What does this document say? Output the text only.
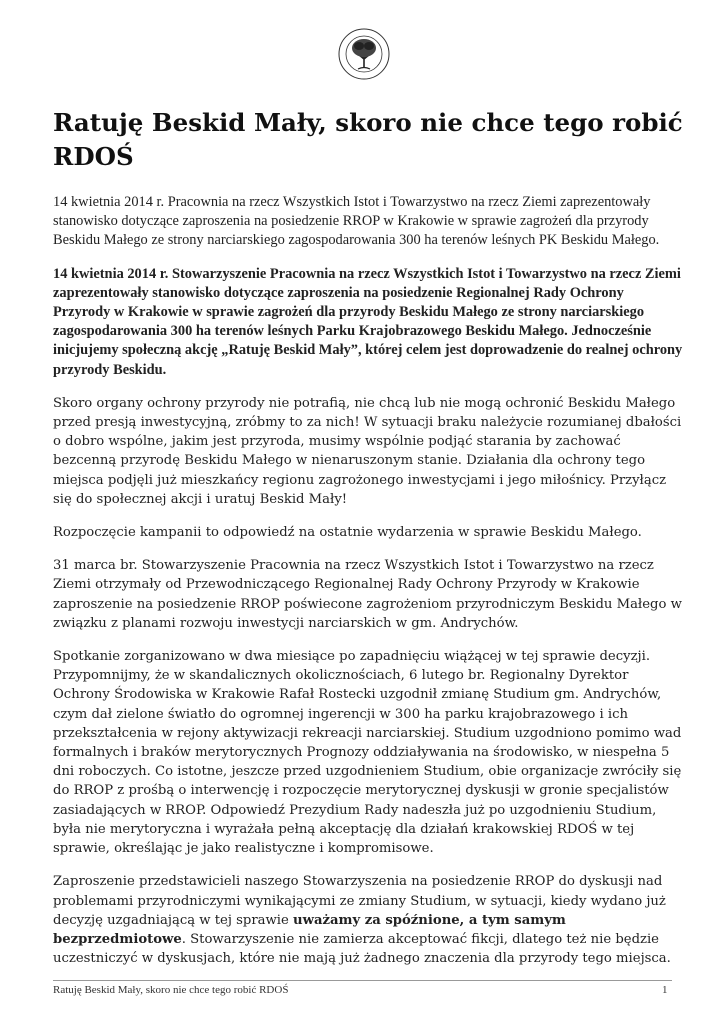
Ratuję Beskid Mały, skoro nie chce tego robić RDOŚ

14 kwietnia 2014 r. Pracownia na rzecz Wszystkich Istot i Towarzystwo na rzecz Ziemi zaprezentowały stanowisko dotyczące zaproszenia na posiedzenie RROP w Krakowie w sprawie zagrożeń dla przyrody Beskidu Małego ze strony narciarskiego zagospodarowania 300 ha terenów leśnych PK Beskidu Małego.

14 kwietnia 2014 r. Stowarzyszenie Pracownia na rzecz Wszystkich Istot i Towarzystwo na rzecz Ziemi zaprezentowały stanowisko dotyczące zaproszenia na posiedzenie Regionalnej Rady Ochrony Przyrody w Krakowie w sprawie zagrożeń dla przyrody Beskidu Małego ze strony narciarskiego zagospodarowania 300 ha terenów leśnych Parku Krajobrazowego Beskidu Małego. Jednocześnie inicjujemy społeczną akcję „Ratuję Beskid Mały”, której celem jest doprowadzenie do realnej ochrony przyrody Beskidu.

Skoro organy ochrony przyrody nie potrafią, nie chcą lub nie mogą ochronić Beskidu Małego przed presją inwestycyjną, zróbmy to za nich! W sytuacji braku należycie rozumianej dbałości o dobro wspólne, jakim jest przyroda, musimy wspólnie podjąć starania by zachować bezcenną przyrodę Beskidu Małego w nienaruszonym stanie. Działania dla ochrony tego miejsca podjęli już mieszkańcy regionu zagrożonego inwestycjami i jego miłośnicy. Przyłącz się do społecznej akcji i uratuj Beskid Mały!

Rozpoczęcie kampanii to odpowiedź na ostatnie wydarzenia w sprawie Beskidu Małego.

31 marca br. Stowarzyszenie Pracownia na rzecz Wszystkich Istot i Towarzystwo na rzecz Ziemi otrzymały od Przewodniczącego Regionalnej Rady Ochrony Przyrody w Krakowie zaproszenie na posiedzenie RROP poświecone zagrożeniom przyrodniczym Beskidu Małego w związku z planami rozwoju inwestycji narciarskich w gm. Andrychów.

Spotkanie zorganizowano w dwa miesiące po zapadnięciu wiążącej w tej sprawie decyzji. Przypomnijmy, że w skandalicznych okolicznościach, 6 lutego br. Regionalny Dyrektor Ochrony Środowiska w Krakowie Rafał Rostecki uzgodnił zmianę Studium gm. Andrychów, czym dał zielone światło do ogromnej ingerencji w 300 ha parku krajobrazowego i ich przekształcenia w rejony aktywizacji rekreacji narciarskiej. Studium uzgodniono pomimo wad formalnych i braków merytorycznych Prognozy oddziaływania na środowisko, w niespełna 5 dni roboczych. Co istotne, jeszcze przed uzgodnieniem Studium, obie organizacje zwróciły się do RROP z prośbą o interwencję i rozpoczęcie merytorycznej dyskusji w gronie specjalistów zasiadających w RROP. Odpowiedź Prezydium Rady nadeszła już po uzgodnieniu Studium, była nie merytoryczna i wyrażała pełną akceptację dla działań krakowskiej RDOŚ w tej sprawie, określając je jako realistyczne i kompromisowe.

Zaproszenie przedstawicieli naszego Stowarzyszenia na posiedzenie RROP do dyskusji nad problemami przyrodniczymi wynikającymi ze zmiany Studium, w sytuacji, kiedy wydano już decyzję uzgadniającą w tej sprawie uważamy za spóźnione, a tym samym bezprzedmiotowe. Stowarzyszenie nie zamierza akceptować fikcji, dlatego też nie będzie uczestniczyć w dyskusjach, które nie mają już żadnego znaczenia dla przyrody tego miejsca.

Ratuję Beskid Mały, skoro nie chce tego robić RDOŚ	1
